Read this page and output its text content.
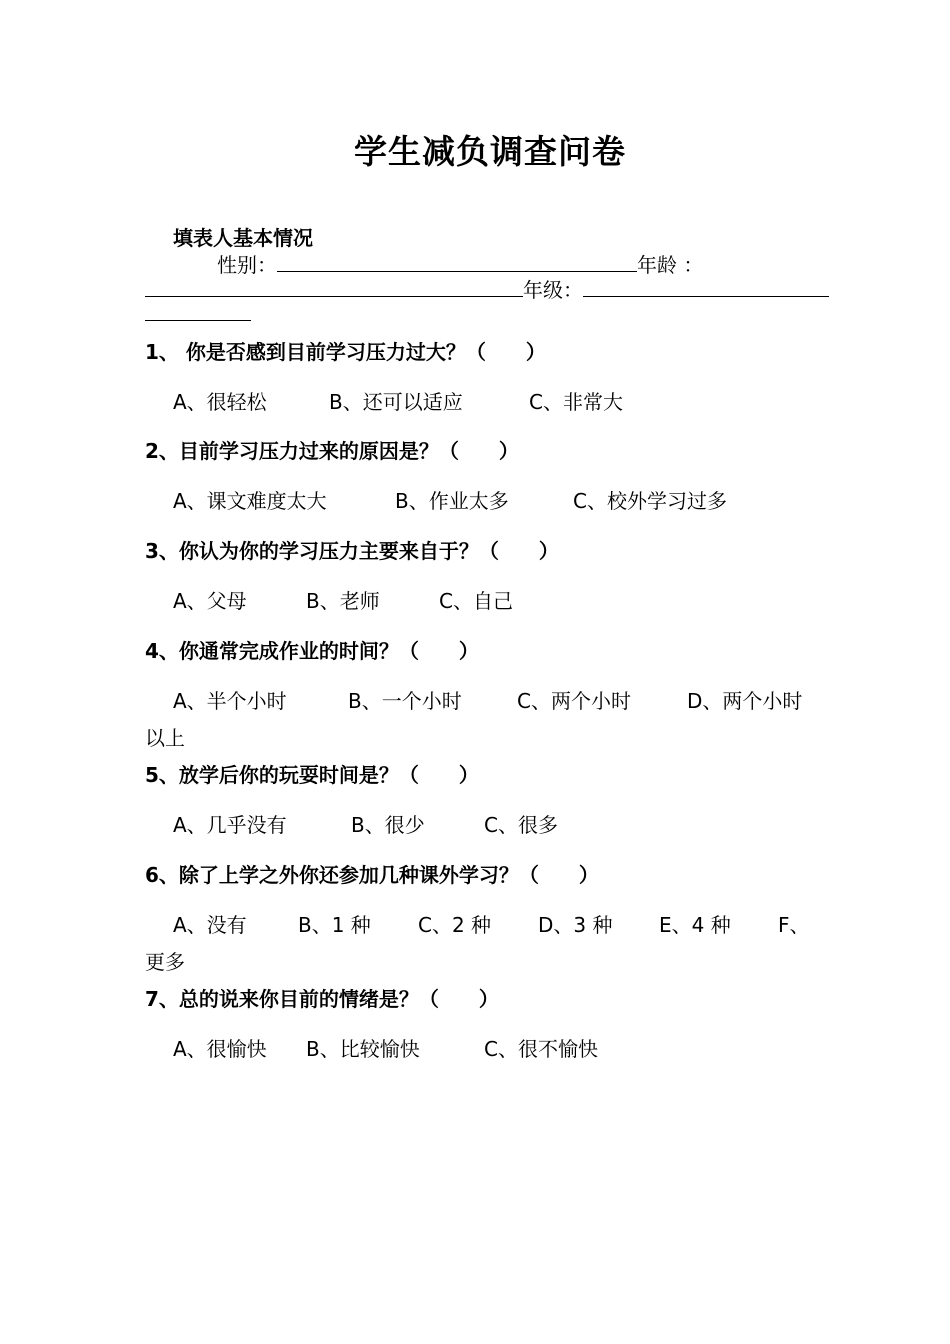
学生减负调查问卷
填表人基本情况
性别：	年龄 ：
年级：
1、 你是否感到目前学习压力过大？（　　）
A、很轻松	B、还可以适应	C、非常大
2、目前学习压力过来的原因是？（　　）
A、课文难度太大	B、作业太多	C、校外学习过多
3、你认为你的学习压力主要来自于？（　　）
A、父母	B、老师	C、自己
4、你通常完成作业的时间？（　　）
A、半个小时	B、一个小时	C、两个小时	D、两个小时
以上
5、放学后你的玩耍时间是？（　　）
A、几乎没有	B、很少	C、很多
6、除了上学之外你还参加几种课外学习？（　　）
A、没有	B、1 种 C、2 种 D、3 种 E、4 种 F、
更多
7、总的说来你目前的情绪是？（　　）
A、很愉快 B、比较愉快	C、很不愉快
